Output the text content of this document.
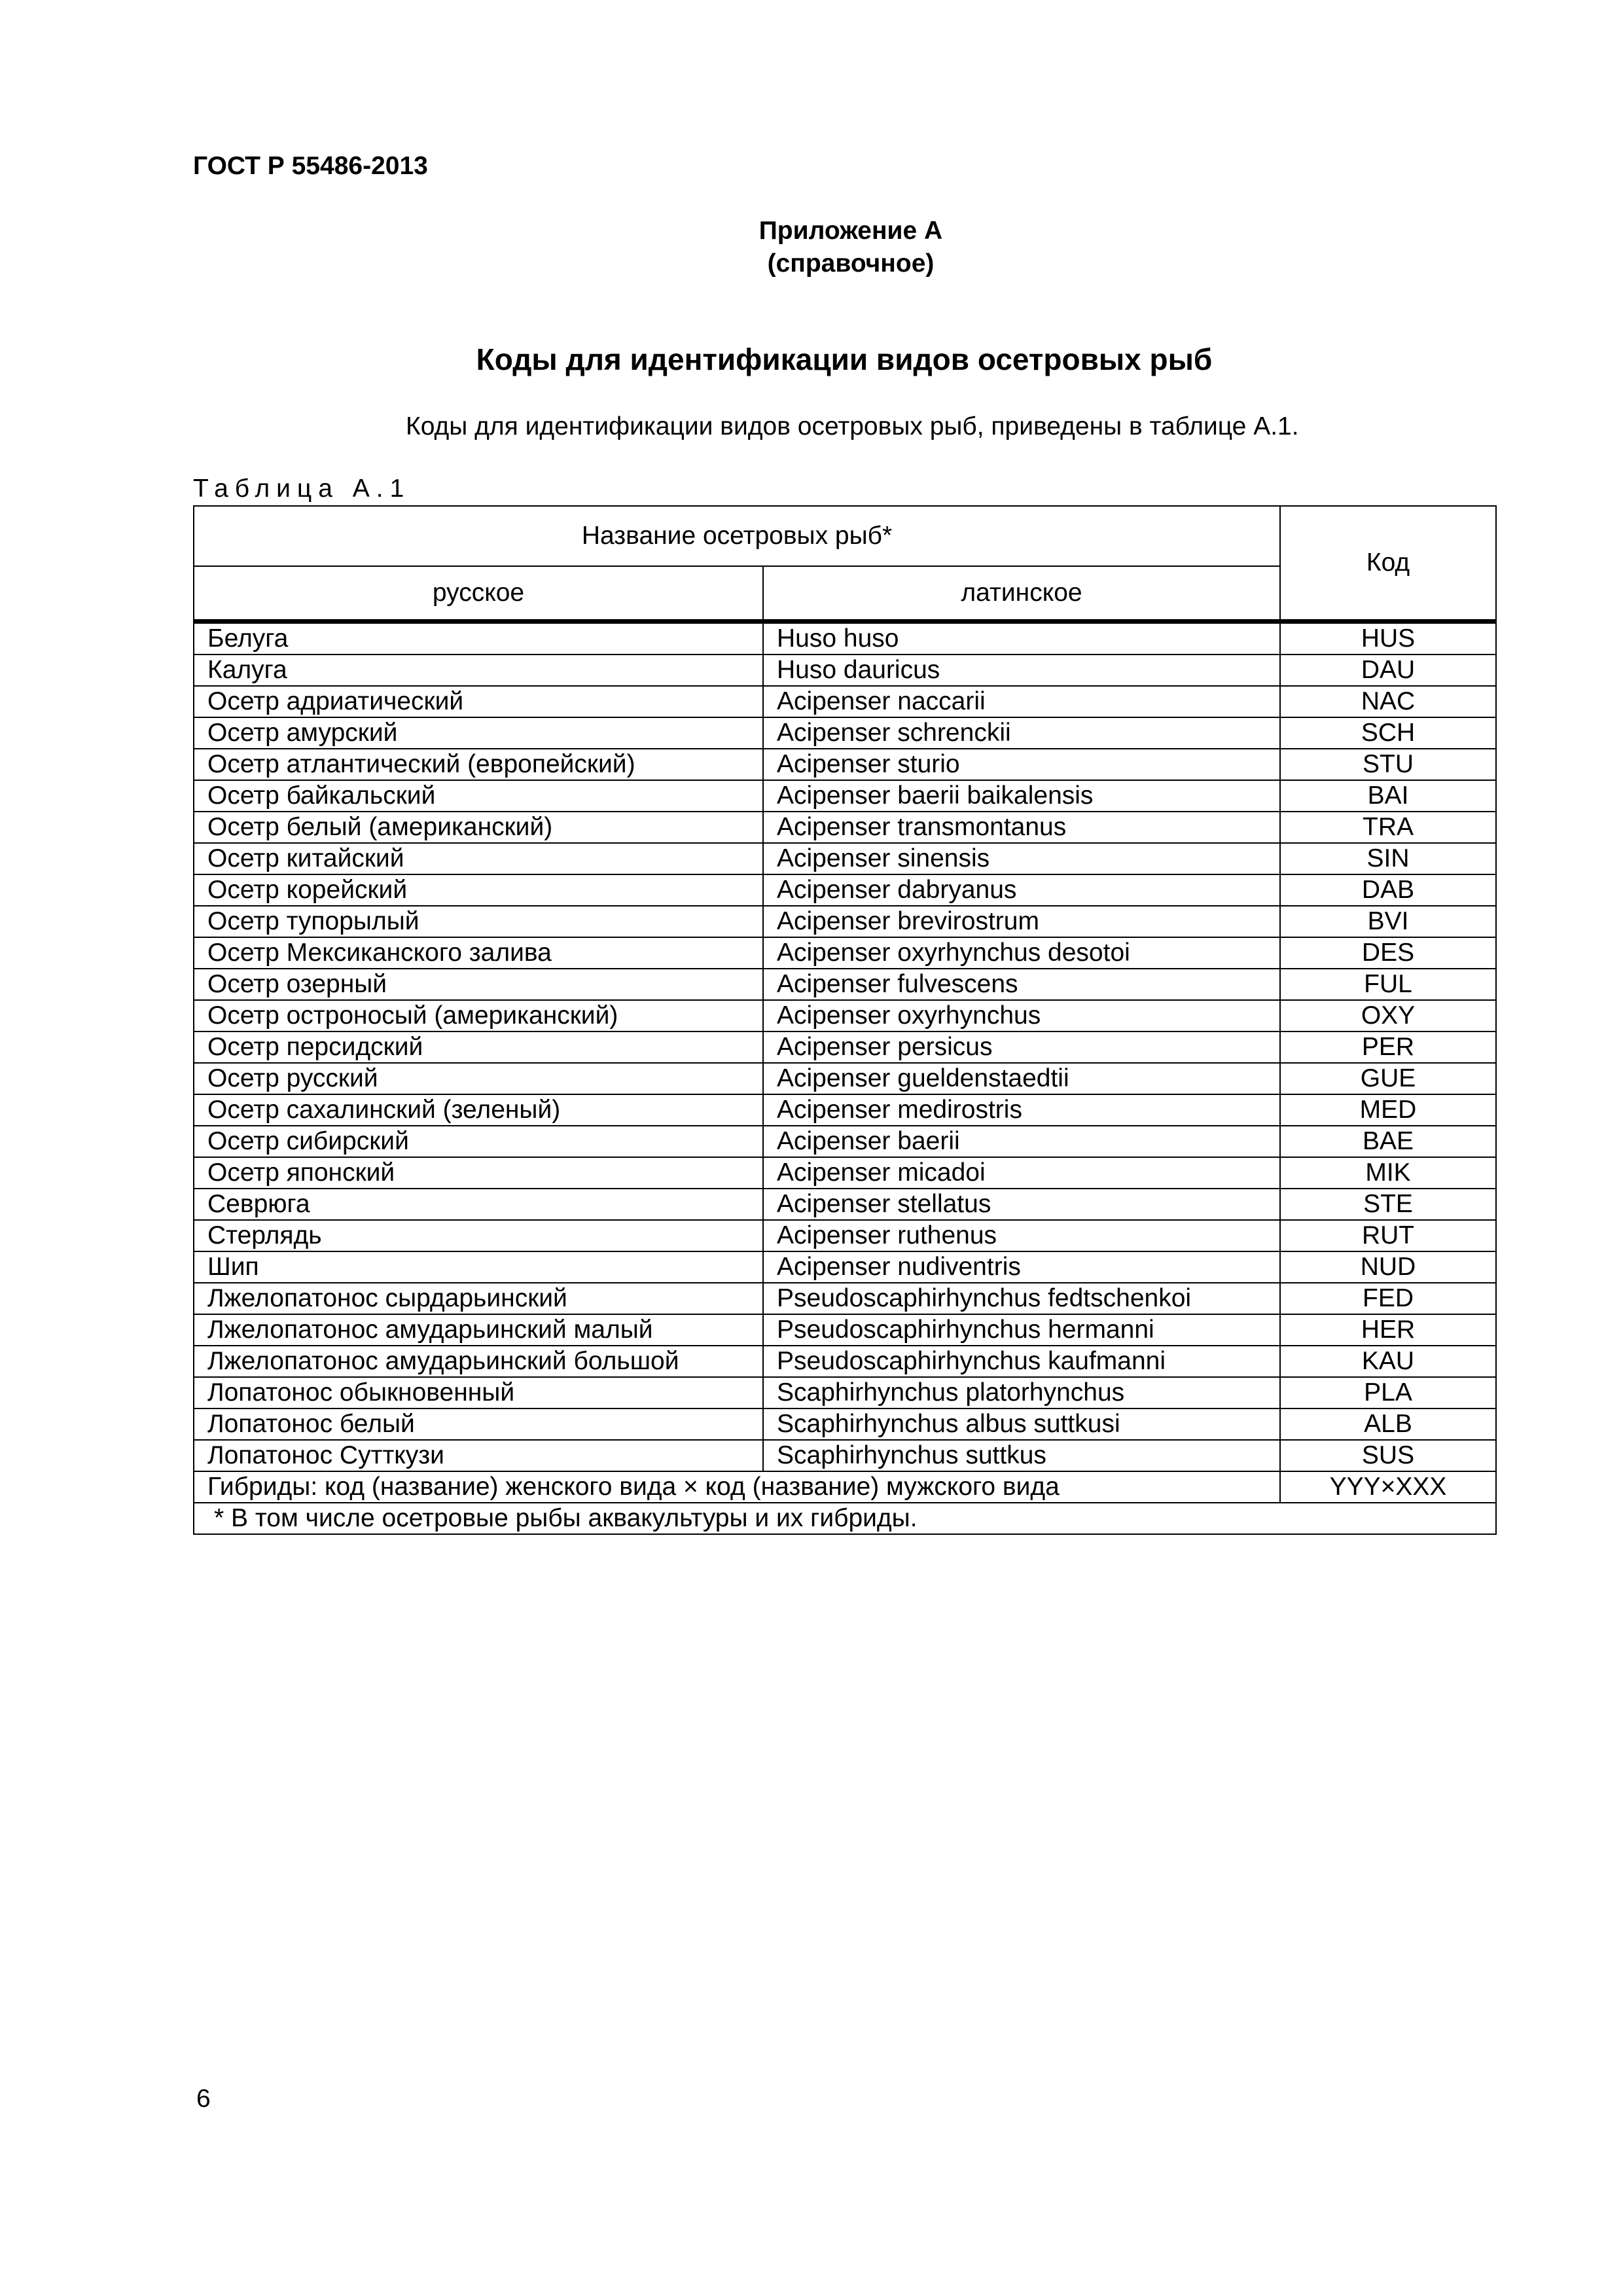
ГОСТ Р 55486-2013
Приложение А
(справочное)
Коды для идентификации видов осетровых рыб
Коды для идентификации видов осетровых рыб, приведены в таблице А.1.
Таблица А.1
Название осетровых рыб*		Код
русское	латинское	

Белуга	Huso huso	HUS
Калуга	Huso dauricus	DAU
Осетр адриатический	Acipenser naccarii	NAC
Осетр амурский	Acipenser schrenckii	SCH
Осетр атлантический (европейский)	Acipenser sturio	STU
Осетр байкальский	Acipenser baerii baikalensis	BAI
Осетр белый (американский)	Acipenser transmontanus	TRA
Осетр китайский	Acipenser sinensis	SIN
Осетр корейский	Acipenser dabryanus	DAB
Осетр тупорылый	Acipenser brevirostrum	BVI
Осетр Мексиканского залива	Acipenser oxyrhynchus desotoi	DES
Осетр озерный	Acipenser fulvescens	FUL
Осетр остроносый (американский)	Acipenser oxyrhynchus	OXY
Осетр персидский	Acipenser persicus	PER
Осетр русский	Acipenser gueldenstaedtii	GUE
Осетр сахалинский (зеленый)	Acipenser medirostris	MED
Осетр сибирский	Acipenser baerii	BAE
Осетр японский	Acipenser micadoi	MIK
Севрюга	Acipenser stellatus	STE
Стерлядь	Acipenser ruthenus	RUT
Шип	Acipenser nudiventris	NUD
Лжелопатонос сырдарьинский	Pseudoscaphirhynchus fedtschenkoi	FED
Лжелопатонос амударьинский малый	Pseudoscaphirhynchus hermanni	HER
Лжелопатонос амударьинский большой	Pseudoscaphirhynchus kaufmanni	KAU
Лопатонос обыкновенный	Scaphirhynchus platorhynchus	PLA
Лопатонос белый	Scaphirhynchus albus suttkusi	ALB
Лопатонос Сутткузи	Scaphirhynchus suttkus	SUS
Гибриды: код (название) женского вида × код (название) мужского вида		YYY×XXX
* В том числе осетровые рыбы аквакультуры и их гибриды.		
6
